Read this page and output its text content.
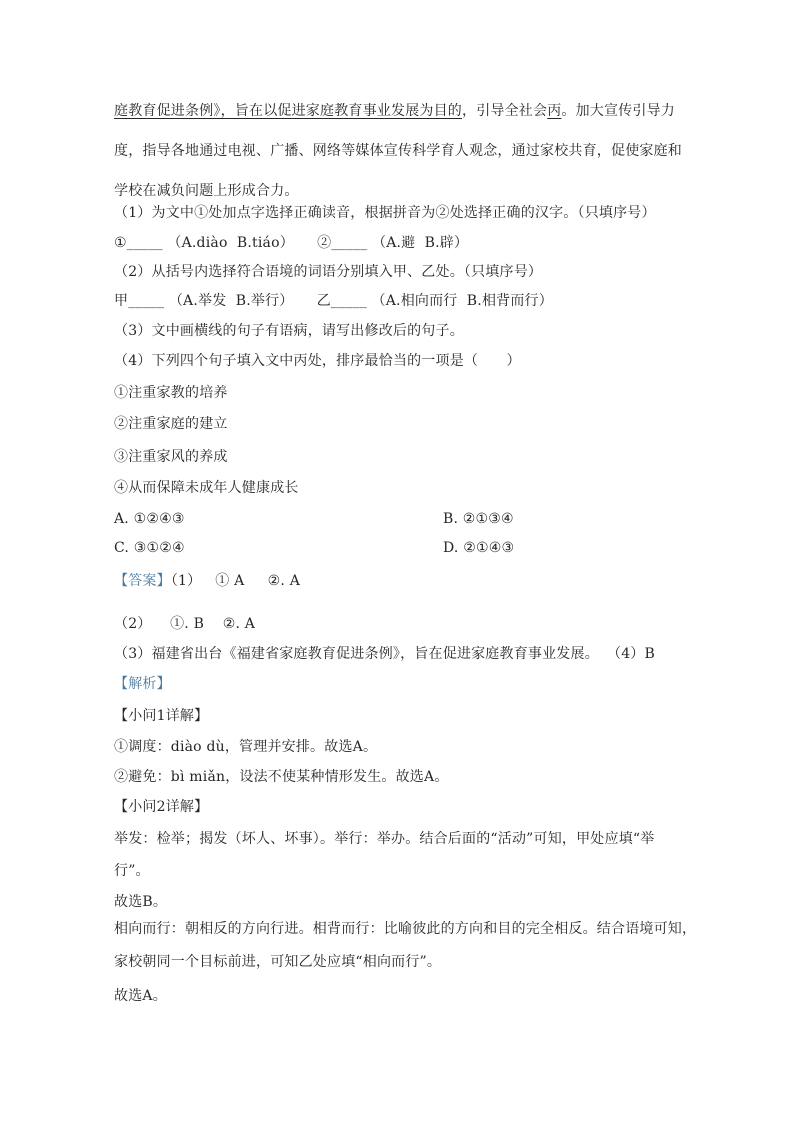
庭教育促进条例》，旨在以促进家庭教育事业发展为目的，引导全社会丙。加大宣传引导力
度，指导各地通过电视、广播、网络等媒体宣传科学育人观念，通过家校共育，促使家庭和
学校在减负问题上形成合力。
（1）为文中①处加点字选择正确读音，根据拼音为②处选择正确的汉字。（只填序号）
①_____ （A.diào  B.tiáo）     ②_____ （A.避  B.辟）
（2）从括号内选择符合语境的词语分别填入甲、乙处。（只填序号）
甲_____ （A.举发  B.举行）     乙_____ （A.相向而行  B.相背而行）
（3）文中画横线的句子有语病，请写出修改后的句子。
（4）下列四个句子填入文中丙处，排序最恰当的一项是（　　）
①注重家教的培养
②注重家庭的建立
③注重家风的养成
④从而保障未成年人健康成长
A. ①②④③	B. ②①③④
C. ③①②④	D. ②①④③
【答案】（1）   ① A     ②. A
（2）    ①. B    ②. A
（3）福建省出台《福建省家庭教育促进条例》，旨在促进家庭教育事业发展。 （4）B
【解析】
【小问1详解】
①调度：diào dù，管理并安排。故选A。
②避免：bì miǎn，设法不使某种情形发生。故选A。
【小问2详解】
举发：检举；揭发（坏人、坏事）。举行：举办。结合后面的“活动”可知，甲处应填“举
行”。
故选B。
相向而行：朝相反的方向行进。相背而行：比喻彼此的方向和目的完全相反。结合语境可知，
家校朝同一个目标前进，可知乙处应填“相向而行”。
故选A。
